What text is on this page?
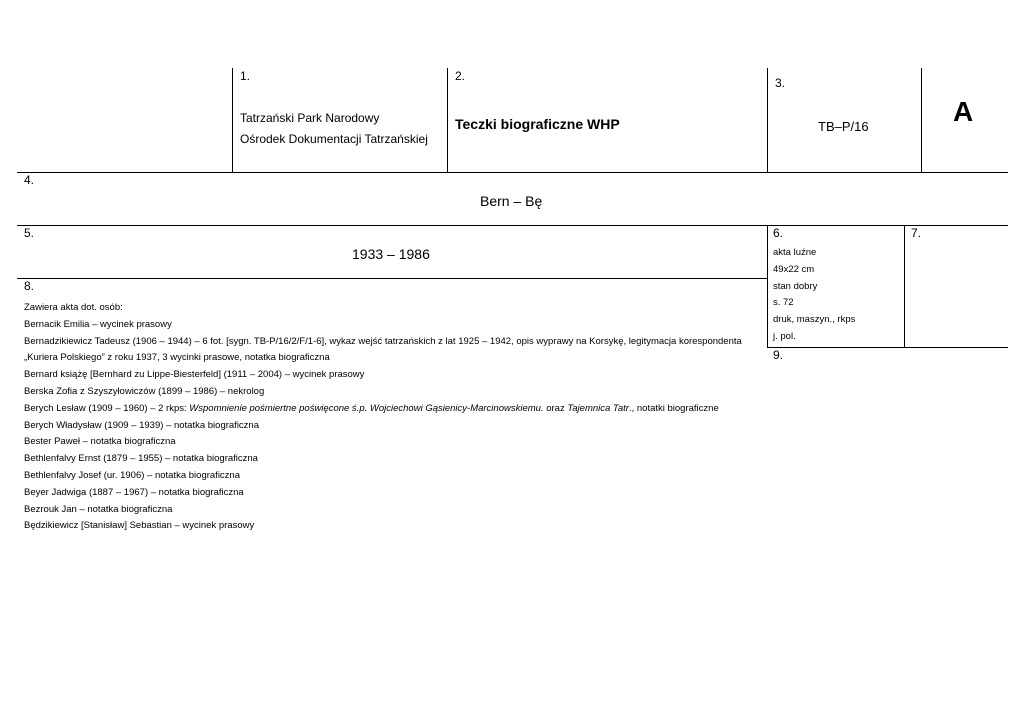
1.
Tatrzański Park Narodowy
Ośrodek Dokumentacji Tatrzańskiej
2.
Teczki biograficzne WHP
3.
TB–P/16	A
4.
Bern – Bę
5.
1933 – 1986
6.
akta luźne
49x22 cm
stan dobry
s. 72
druk, maszyn., rkps
j. pol.
7.
8.
9.
Zawiera akta dot. osób:
Bernacik Emilia – wycinek prasowy
Bernadzikiewicz Tadeusz (1906 – 1944) – 6 fot. [sygn. TB-P/16/2/F/1-6], wykaz wejść tatrzańskich z lat 1925 – 1942, opis wyprawy na Korsykę, legitymacja korespondenta
„Kuriera Polskiego” z roku 1937, 3 wycinki prasowe, notatka biograficzna
Bernard książę [Bernhard zu Lippe-Biesterfeld] (1911 – 2004) – wycinek prasowy
Berska Zofia z Szyszyłowiczów (1899 – 1986) – nekrolog
Berych Lesław (1909 – 1960) – 2 rkps: Wspomnienie pośmiertne poświęcone ś.p. Wojciechowi Gąsienicy-Marcinowskiemu. oraz Tajemnica Tatr., notatki biograficzne
Berych Władysław (1909 – 1939) – notatka biograficzna
Bester Paweł – notatka biograficzna
Bethlenfalvy Ernst (1879 – 1955) – notatka biograficzna
Bethlenfalvy Josef (ur. 1906) – notatka biograficzna
Beyer Jadwiga (1887 – 1967) – notatka biograficzna
Bezrouk Jan – notatka biograficzna
Będzikiewicz [Stanisław] Sebastian – wycinek prasowy
